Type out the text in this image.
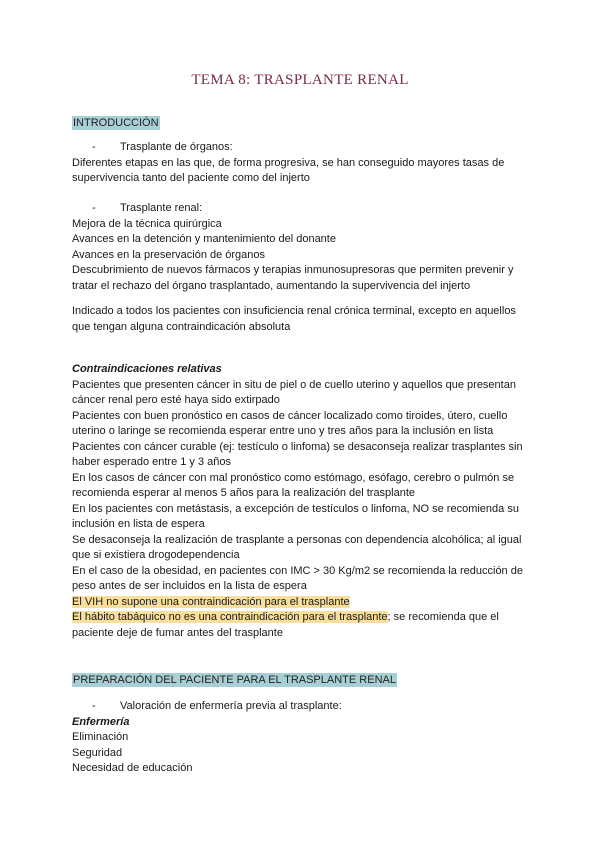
TEMA 8: TRASPLANTE RENAL
INTRODUCCIÓN

- Trasplante de órganos:

Diferentes etapas en las que, de forma progresiva, se han conseguido mayores tasas de

supervivencia tanto del paciente como del injerto

- Trasplante renal:

Mejora de la técnica quirúrgica

Avances en la detención y mantenimiento del donante

Avances en la preservación de órganos

Descubrimiento de nuevos fármacos y terapias inmunosupresoras que permiten prevenir y

tratar el rechazo del órgano trasplantado, aumentando la supervivencia del injerto

Indicado a todos los pacientes con insuficiencia renal crónica terminal, excepto en aquellos

que tengan alguna contraindicación absoluta

Contraindicaciones relativas

Pacientes que presenten cáncer in situ de piel o de cuello uterino y aquellos que presentan

cáncer renal pero esté haya sido extirpado

Pacientes con buen pronóstico en casos de cáncer localizado como tiroides, útero, cuello

uterino o laringe se recomienda esperar entre uno y tres años para la inclusión en lista

Pacientes con cáncer curable (ej: testículo o linfoma) se desaconseja realizar trasplantes sin

haber esperado entre 1 y 3 años

En los casos de cáncer con mal pronóstico como estómago, esófago, cerebro o pulmón se

recomienda esperar al menos 5 años para la realización del trasplante

En los pacientes con metástasis, a excepción de testículos o linfoma, NO se recomienda su

inclusión en lista de espera

Se desaconseja la realización de trasplante a personas con dependencia alcohólica; al igual

que si existiera drogodependencia

En el caso de la obesidad, en pacientes con IMC > 30 Kg/m2 se recomienda la reducción de

peso antes de ser incluidos en la lista de espera

El VIH no supone una contraindicación para el trasplante

El hábito tabáquico no es una contraindicación para el trasplante; se recomienda que el

paciente deje de fumar antes del trasplante

PREPARACIÓN DEL PACIENTE PARA EL TRASPLANTE RENAL

- Valoración de enfermería previa al trasplante:

Enfermería

Eliminación

Seguridad

Necesidad de educación
